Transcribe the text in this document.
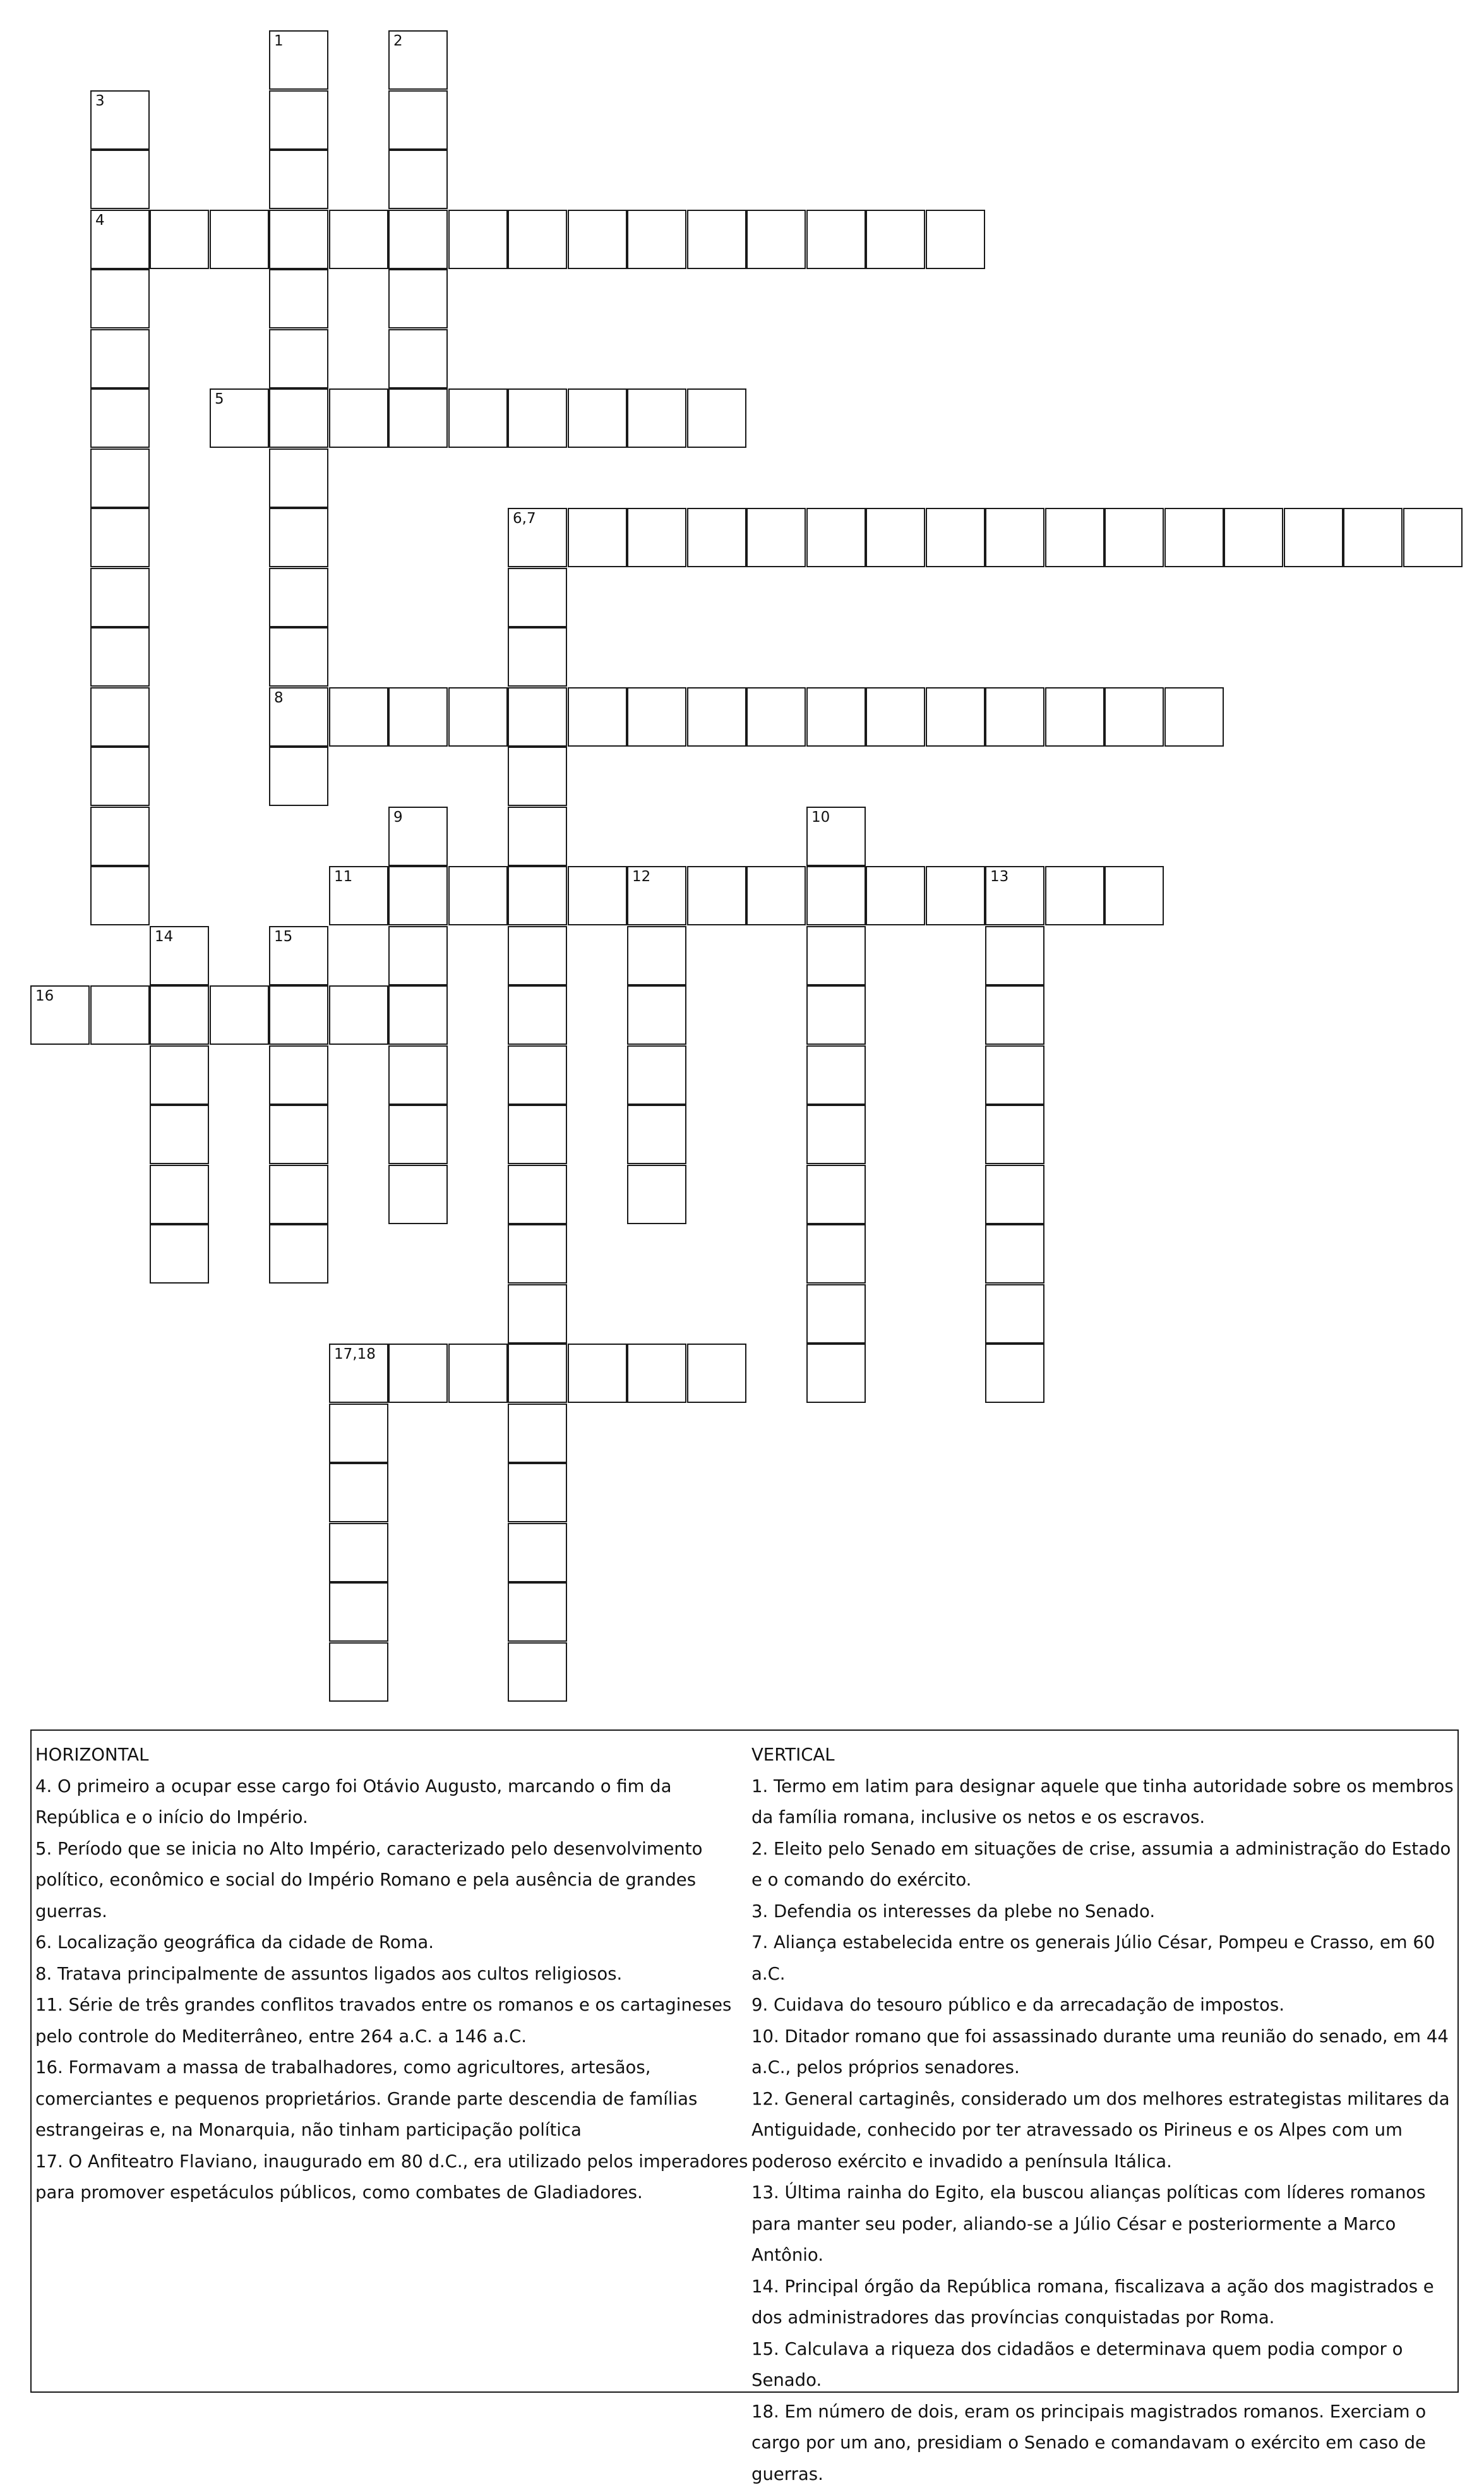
1
8
2
3
4
5
6,7
9	10
11	12	13
14	15
16
17,18
HORIZONTAL
4. O primeiro a ocupar esse cargo foi Otávio Augusto, marcando o fim da República e o início do Império.
5. Período que se inicia no Alto Império, caracterizado pelo desenvolvimento político, econômico e social do Império Romano e pela ausência de grandes guerras.
6. Localização geográfica da cidade de Roma.
8. Tratava principalmente de assuntos ligados aos cultos religiosos.
11. Série de três grandes conflitos travados entre os romanos e os cartagineses pelo controle do Mediterrâneo, entre 264 a.C. a 146 a.C.
16. Formavam a massa de trabalhadores, como agricultores, artesãos, comerciantes e pequenos proprietários. Grande parte descendia de famílias estrangeiras e, na Monarquia, não tinham participação política
17. O Anfiteatro Flaviano, inaugurado em 80 d.C., era utilizado pelos imperadores para promover espetáculos públicos, como combates de Gladiadores.
VERTICAL
1. Termo em latim para designar aquele que tinha autoridade sobre os membros da família romana, inclusive os netos e os escravos.
2. Eleito pelo Senado em situações de crise, assumia a administração do Estado e o comando do exército.
3. Defendia os interesses da plebe no Senado.
7. Aliança estabelecida entre os generais Júlio César, Pompeu e Crasso, em 60 a.C.
9. Cuidava do tesouro público e da arrecadação de impostos.
10. Ditador romano que foi assassinado durante uma reunião do senado, em 44 a.C., pelos próprios senadores.
12. General cartaginês, considerado um dos melhores estrategistas militares da Antiguidade, conhecido por ter atravessado os Pirineus e os Alpes com um poderoso exército e invadido a península Itálica.
13. Última rainha do Egito, ela buscou alianças políticas com líderes romanos para manter seu poder, aliando-se a Júlio César e posteriormente a Marco Antônio.
14. Principal órgão da República romana, fiscalizava a ação dos magistrados e dos administradores das províncias conquistadas por Roma.
15. Calculava a riqueza dos cidadãos e determinava quem podia compor o Senado.
18. Em número de dois, eram os principais magistrados romanos. Exerciam o cargo por um ano, presidiam o Senado e comandavam o exército em caso de guerras.
